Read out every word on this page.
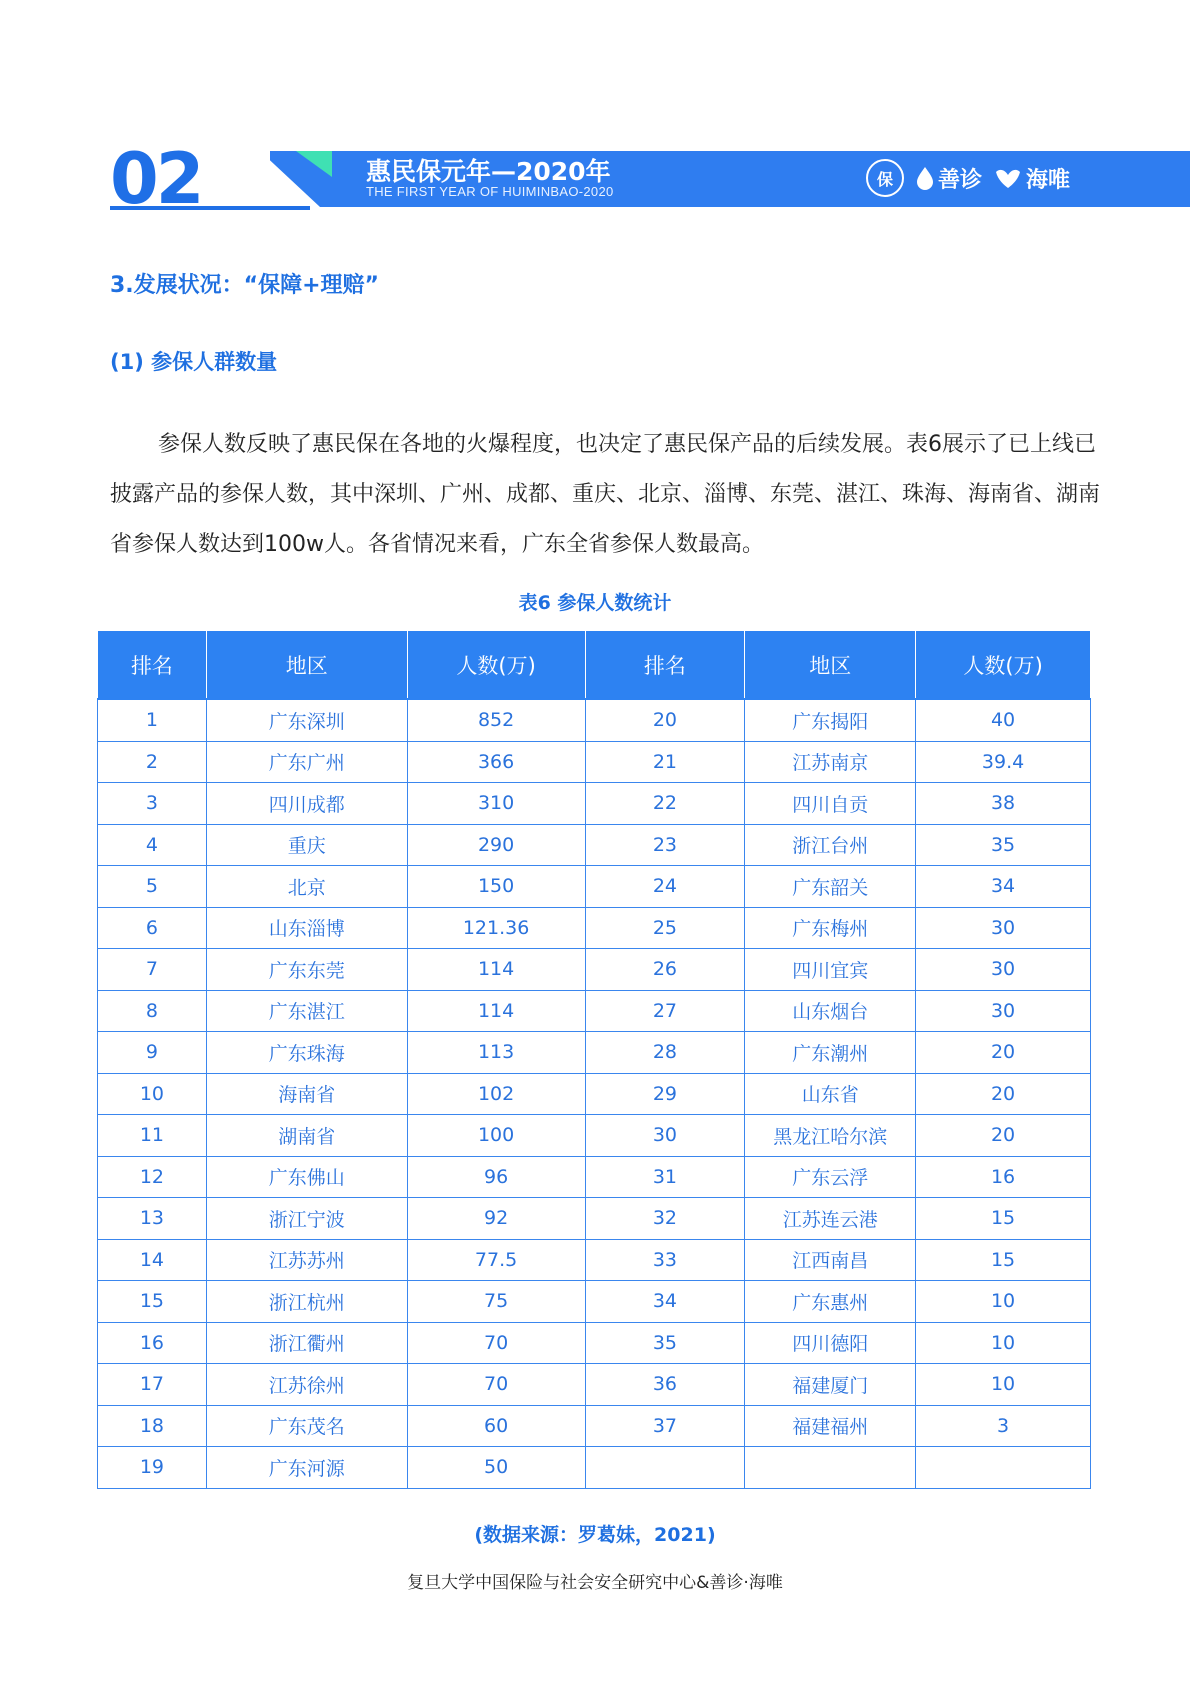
02	惠民保元年—2020年
THE FIRST YEAR OF HUIMINBAO-2020
保 善诊 海唯
3.发展状况：“保障+理赔”
(1) 参保人群数量

参保人数反映了惠民保在各地的火爆程度，也决定了惠民保产品的后续发展。表6展示了已上线已披露产品的参保人数，其中深圳、广州、成都、重庆、北京、淄博、东莞、湛江、珠海、海南省、湖南省参保人数达到100w人。各省情况来看，广东全省参保人数最高。

表6 参保人数统计
排名	地区	人数(万)	排名	地区	人数(万)
1	广东深圳	852	20	广东揭阳	40
2	广东广州	366	21	江苏南京	39.4
3	四川成都	310	22	四川自贡	38
4	重庆	290	23	浙江台州	35
5	北京	150	24	广东韶关	34
6	山东淄博	121.36	25	广东梅州	30
7	广东东莞	114	26	四川宜宾	30
8	广东湛江	114	27	山东烟台	30
9	广东珠海	113	28	广东潮州	20
10	海南省	102	29	山东省	20
11	湖南省	100	30	黑龙江哈尔滨	20
12	广东佛山	96	31	广东云浮	16
13	浙江宁波	92	32	江苏连云港	15
14	江苏苏州	77.5	33	江西南昌	15
15	浙江杭州	75	34	广东惠州	10
16	浙江衢州	70	35	四川德阳	10
17	江苏徐州	70	36	福建厦门	10
18	广东茂名	60	37	福建福州	3
19	广东河源	50			
(数据来源：罗葛妹，2021)
复旦大学中国保险与社会安全研究中心&善诊·海唯
